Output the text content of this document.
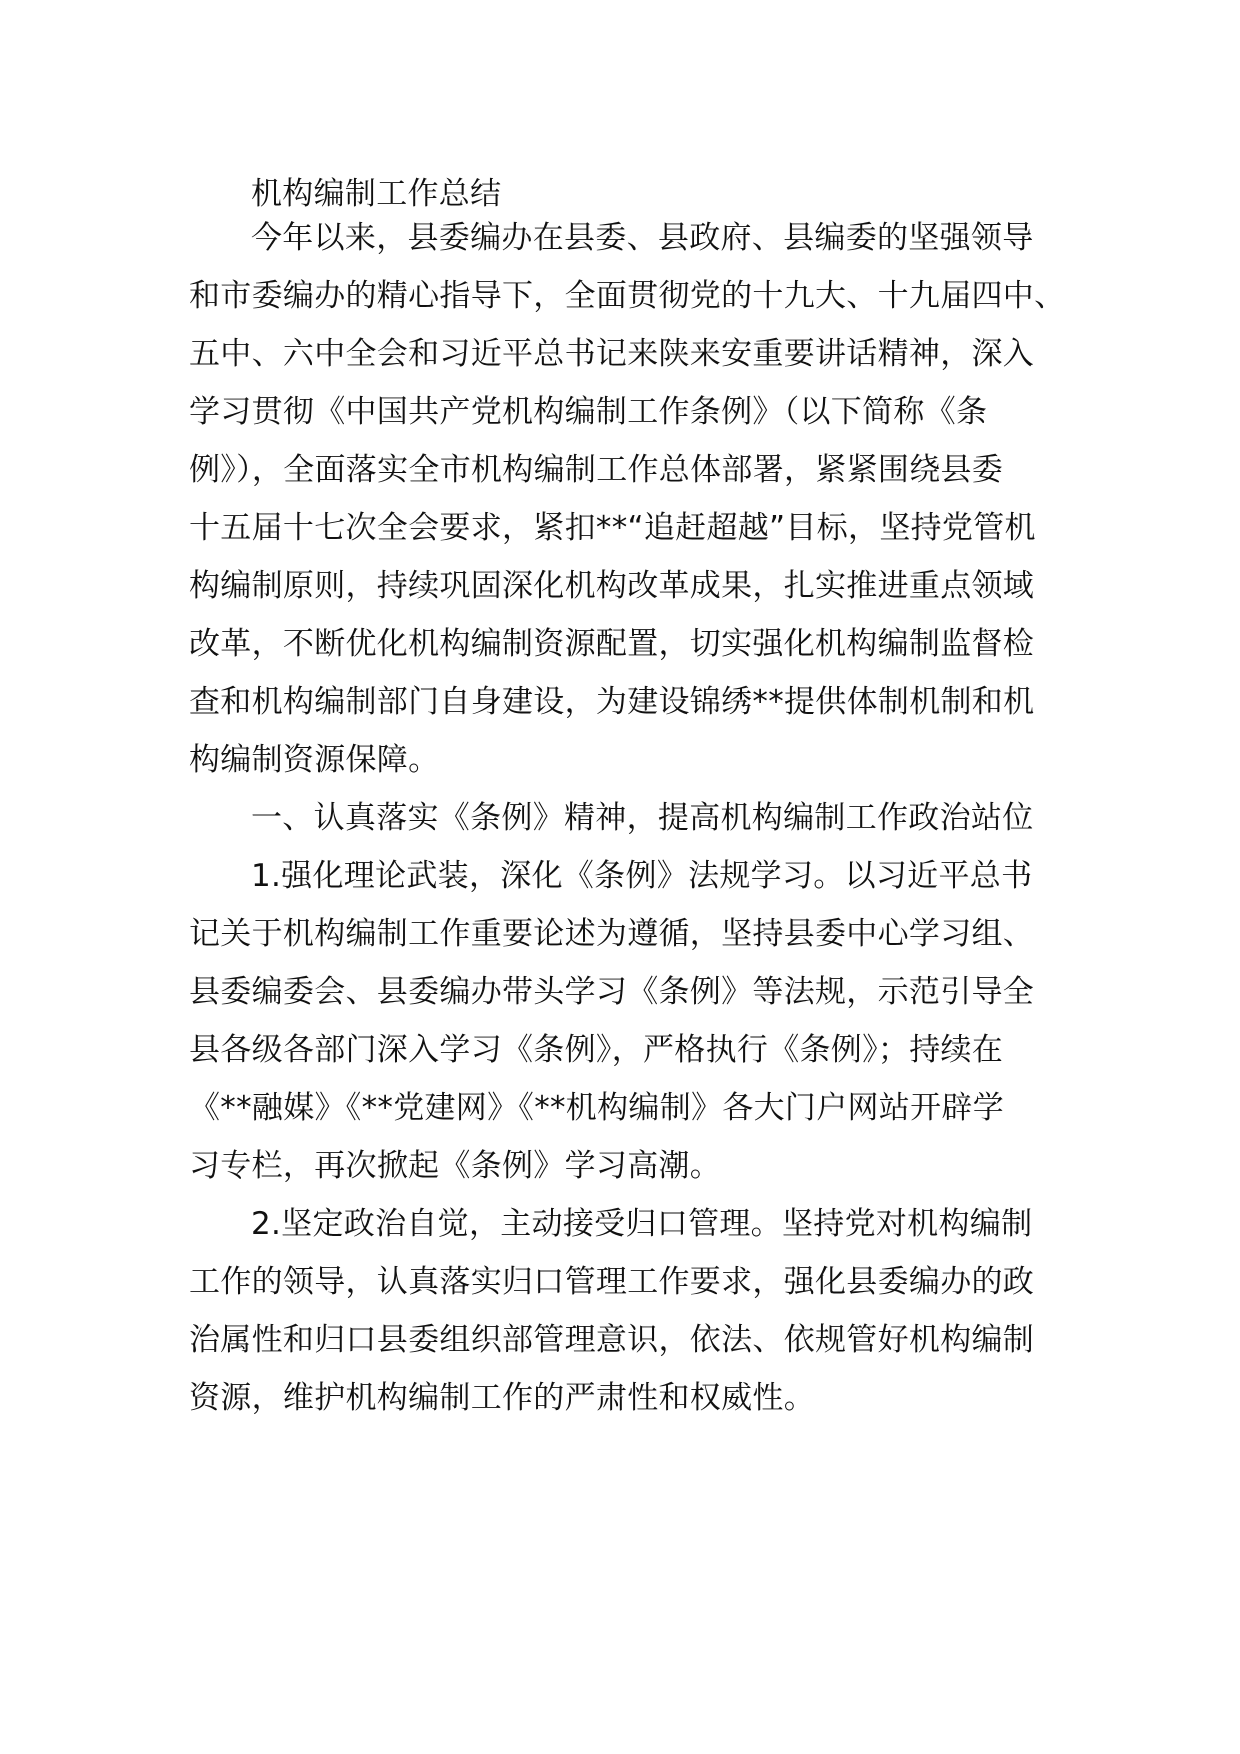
机构编制工作总结
今年以来，县委编办在县委、县政府、县编委的坚强领导
和市委编办的精心指导下，全面贯彻党的十九大、十九届四中、
五中、六中全会和习近平总书记来陕来安重要讲话精神，深入
学习贯彻《中国共产党机构编制工作条例》（以下简称《条
例》），全面落实全市机构编制工作总体部署，紧紧围绕县委
十五届十七次全会要求，紧扣**“追赶超越”目标，坚持党管机
构编制原则，持续巩固深化机构改革成果，扎实推进重点领域
改革，不断优化机构编制资源配置，切实强化机构编制监督检
查和机构编制部门自身建设，为建设锦绣**提供体制机制和机
构编制资源保障。
一、认真落实《条例》精神，提高机构编制工作政治站位
1.强化理论武装，深化《条例》法规学习。以习近平总书
记关于机构编制工作重要论述为遵循，坚持县委中心学习组、
县委编委会、县委编办带头学习《条例》等法规，示范引导全
县各级各部门深入学习《条例》，严格执行《条例》；持续在
《**融媒》《**党建网》《**机构编制》各大门户网站开辟学
习专栏，再次掀起《条例》学习高潮。
2.坚定政治自觉，主动接受归口管理。坚持党对机构编制
工作的领导，认真落实归口管理工作要求，强化县委编办的政
治属性和归口县委组织部管理意识，依法、依规管好机构编制
资源，维护机构编制工作的严肃性和权威性。
